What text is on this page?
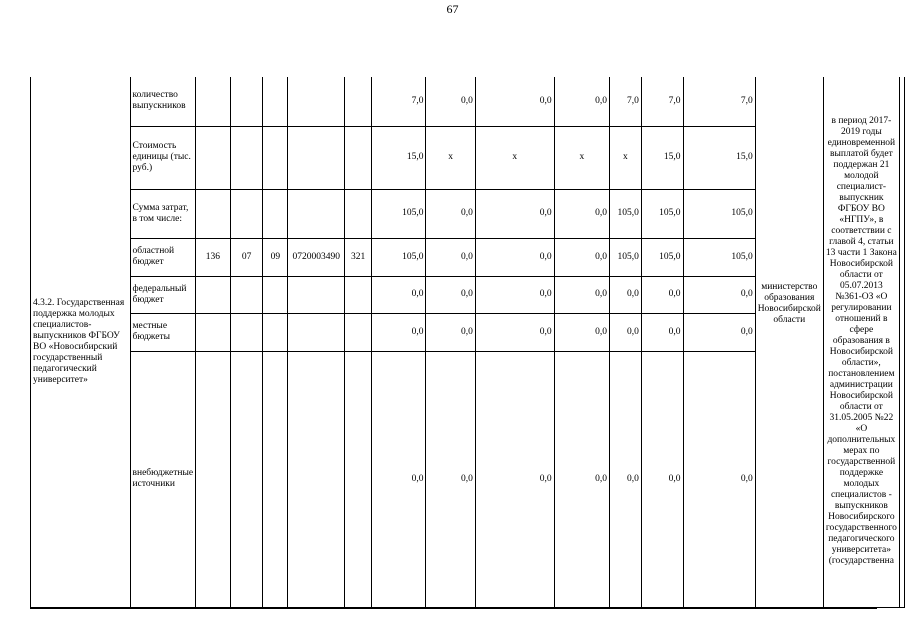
67
4.3.2. Государственная поддержка молодых специалистов-выпускников ФГБОУ ВО «Новосибирский государственный педагогический университет»	количество выпускников						7,0	0,0	0,0	0,0	7,0	7,0	7,0	министерство образования Новосибирской области	в период 2017-2019 годы единовременной выплатой будет поддержан 21 молодой специалист-выпускник ФГБОУ ВО «НГПУ», в соответствии с главой 4, статьи 13 части 1 Закона Новосибирской области от 05.07.2013 №361-ОЗ «О регулировании отношений в сфере образования в Новосибирской области», постановлением администрации Новосибирской области от 31.05.2005 №22 «О дополнительных мерах по государственной поддержке молодых специалистов - выпускников Новосибирского государственного педагогического университета» (государственна	
	Стоимость единицы (тыс. руб.)						15,0	x	x	x	x	15,0	15,0			
	Сумма затрат, в том числе:						105,0	0,0	0,0	0,0	105,0	105,0	105,0			
	областной бюджет	136	07	09	0720003490	321	105,0	0,0	0,0	0,0	105,0	105,0	105,0			
	федеральный бюджет						0,0	0,0	0,0	0,0	0,0	0,0	0,0			
	местные бюджеты						0,0	0,0	0,0	0,0	0,0	0,0	0,0			
	внебюджетные источники						0,0	0,0	0,0	0,0	0,0	0,0	0,0			
